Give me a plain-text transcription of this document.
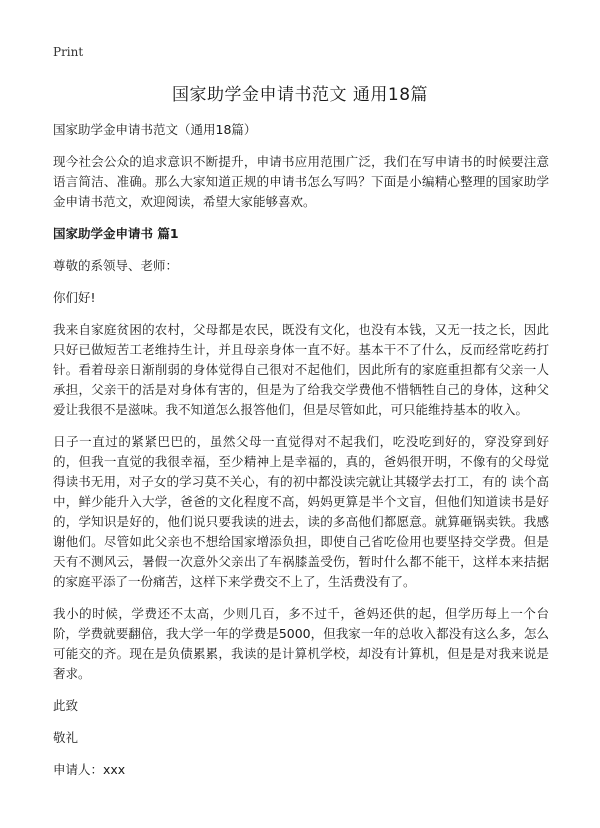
Print
国家助学金申请书范文 通用18篇

国家助学金申请书范文（通用18篇）

现今社会公众的追求意识不断提升，申请书应用范围广泛，我们在写申请书的时候要注意语言简洁、准确。那么大家知道正规的申请书怎么写吗？下面是小编精心整理的国家助学金申请书范文，欢迎阅读，希望大家能够喜欢。

国家助学金申请书 篇1

尊敬的系领导、老师：

你们好!

我来自家庭贫困的农村，父母都是农民，既没有文化，也没有本钱，又无一技之长，因此只好已做短苦工老维持生计，并且母亲身体一直不好。基本干不了什么，反而经常吃药打针。看着母亲日渐削弱的身体觉得自己很对不起他们，因此所有的家庭重担都有父亲一人承担，父亲干的活是对身体有害的，但是为了给我交学费他不惜牺牲自己的身体，这种父爱让我很不是滋味。我不知道怎么报答他们，但是尽管如此，可只能维持基本的收入。

日子一直过的紧紧巴巴的，虽然父母一直觉得对不起我们，吃没吃到好的，穿没穿到好的，但我一直觉的我很幸福，至少精神上是幸福的，真的，爸妈很开明，不像有的父母觉得读书无用，对子女的学习莫不关心，有的初中都没读完就让其辍学去打工，有的 读个高中，鲜少能升入大学，爸爸的文化程度不高，妈妈更算是半个文盲，但他们知道读书是好的，学知识是好的，他们说只要我读的进去，读的多高他们都愿意。就算砸锅卖铁。我感谢他们。尽管如此父亲也不想给国家增添负担，即使自己省吃俭用也要坚持交学费。但是天有不测风云，暑假一次意外父亲出了车祸膝盖受伤，暂时什么都不能干，这样本来拮据的家庭平添了一份痛苦，这样下来学费交不上了，生活费没有了。

我小的时候，学费还不太高，少则几百，多不过千，爸妈还供的起，但学历每上一个台阶，学费就要翻倍，我大学一年的学费是5000，但我家一年的总收入都没有这么多，怎么可能交的齐。现在是负债累累，我读的是计算机学校，却没有计算机，但是是对我来说是奢求。

此致

敬礼

申请人：xxx
